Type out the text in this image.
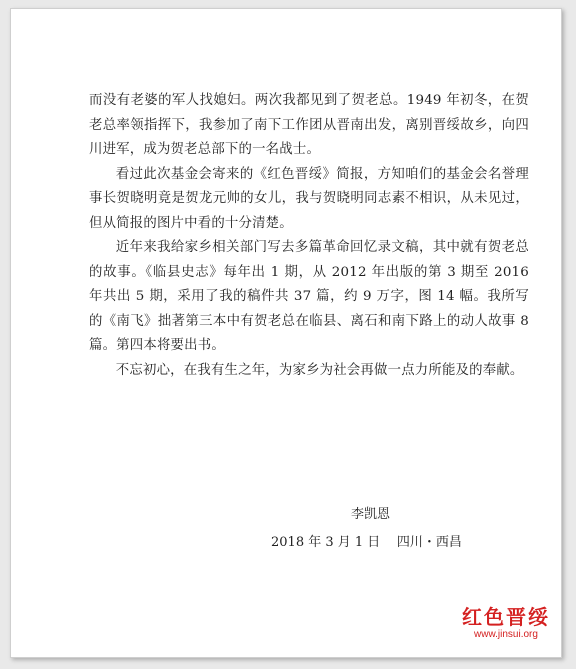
而没有老婆的军人找媳妇。两次我都见到了贺老总。1949 年初冬，在贺老总率领指挥下，我参加了南下工作团从晋南出发，离别晋绥故乡，向四川进军，成为贺老总部下的一名战士。

看过此次基金会寄来的《红色晋绥》简报，方知咱们的基金会名誉理事长贺晓明竟是贺龙元帅的女儿，我与贺晓明同志素不相识，从未见过，但从简报的图片中看的十分清楚。

近年来我给家乡相关部门写去多篇革命回忆录文稿，其中就有贺老总的故事。《临县史志》每年出 1 期，从 2012 年出版的第 3 期至 2016 年共出 5 期，采用了我的稿件共 37 篇，约 9 万字，图 14 幅。我所写的《南飞》拙著第三本中有贺老总在临县、离石和南下路上的动人故事 8 篇。第四本将要出书。

不忘初心，在我有生之年，为家乡为社会再做一点力所能及的奉献。

李凯恩
2018 年 3 月 1 日    四川・西昌
红色晋绥
www.jinsui.org
